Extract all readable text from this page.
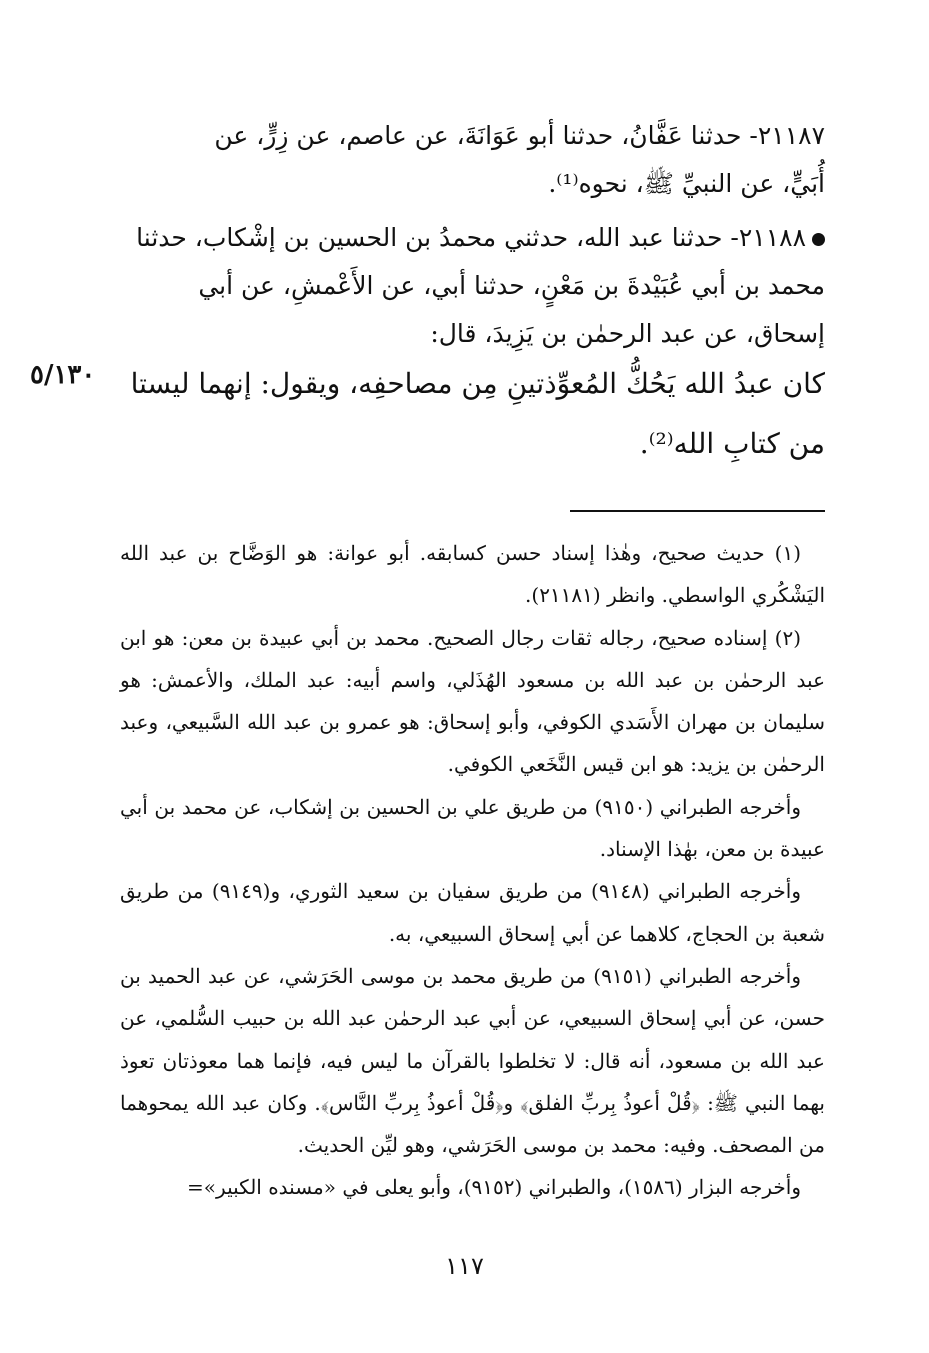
٢١١٨٧- حدثنا عَفَّانُ، حدثنا أبو عَوَانَةَ، عن عاصم، عن زِرٍّ، عن

أُبَيٍّ، عن النبيِّ ﷺ، نحوه⁽¹⁾.

٢١١٨٨- حدثنا عبد الله، حدثني محمدُ بن الحسين بن إشْكاب، حدثنا

محمد بن أبي عُبَيْدةَ بن مَعْنٍ، حدثنا أبي، عن الأَعْمشِ، عن أبي

إسحاق، عن عبد الرحمٰن بن يَزِيدَ، قال:

كان عبدُ الله يَحُكُّ المُعوِّذتينِ مِن مصاحفِه، ويقول: إنهما ليستا

من كتابِ الله⁽²⁾.

٥/١٣٠

(١) حديث صحيح، وهٰذا إسناد حسن كسابقه. أبو عوانة: هو الوَضَّاح بن عبد الله اليَشْكُري الواسطي. وانظر (٢١١٨١).

(٢) إسناده صحيح، رجاله ثقات رجال الصحيح. محمد بن أبي عبيدة بن معن: هو ابن عبد الرحمٰن بن عبد الله بن مسعود الهُذَلي، واسم أبيه: عبد الملك، والأعمش: هو سليمان بن مهران الأَسَدي الكوفي، وأبو إسحاق: هو عمرو بن عبد الله السَّبيعي، وعبد الرحمٰن بن يزيد: هو ابن قيس النَّخَعي الكوفي.

وأخرجه الطبراني (٩١٥٠) من طريق علي بن الحسين بن إشكاب، عن محمد بن أبي عبيدة بن معن، بهٰذا الإسناد.

وأخرجه الطبراني (٩١٤٨) من طريق سفيان بن سعيد الثوري، و(٩١٤٩) من طريق شعبة بن الحجاج، كلاهما عن أبي إسحاق السبيعي، به.

وأخرجه الطبراني (٩١٥١) من طريق محمد بن موسى الحَرَشي، عن عبد الحميد بن حسن، عن أبي إسحاق السبيعي، عن أبي عبد الرحمٰن عبد الله بن حبيب السُّلمي، عن عبد الله بن مسعود، أنه قال: لا تخلطوا بالقرآن ما ليس فيه، فإنما هما معوذتان تعوذ بهما النبي ﷺ: ﴿قُلْ أعوذُ بِربِّ الفلق﴾ و﴿قُلْ أعوذُ بِربِّ النَّاس﴾. وكان عبد الله يمحوهما من المصحف. وفيه: محمد بن موسى الحَرَشي، وهو ليِّن الحديث.

وأخرجه البزار (١٥٨٦)، والطبراني (٩١٥٢)، وأبو يعلى في «مسنده الكبير»=

١١٧
